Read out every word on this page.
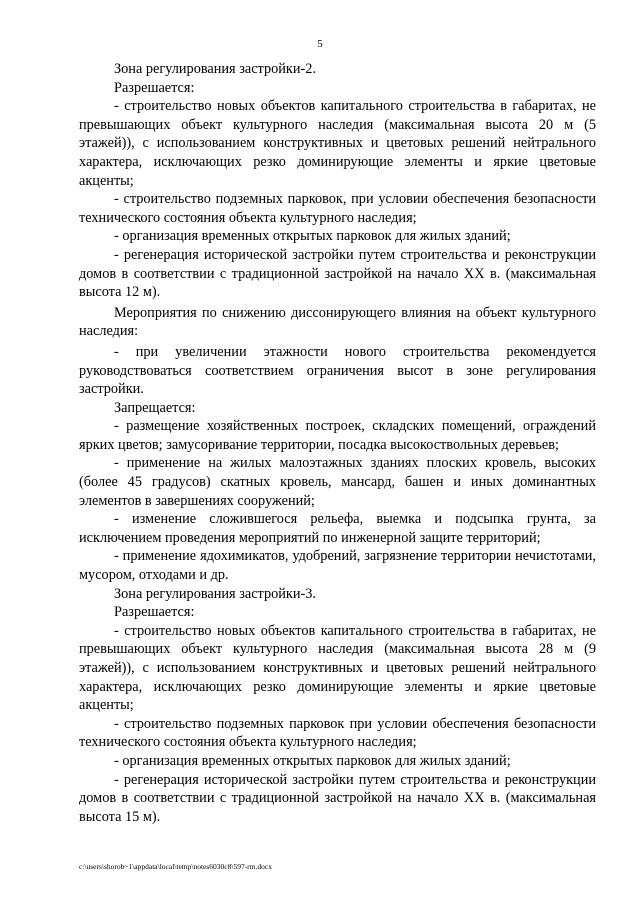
5

Зона регулирования застройки-2.

Разрешается:

- строительство новых объектов капитального строительства в габаритах, не превышающих объект культурного наследия (максимальная высота 20 м (5 этажей)), с использованием конструктивных и цветовых решений нейтрального характера, исключающих резко доминирующие элементы и яркие цветовые акценты;

- строительство подземных парковок, при условии обеспечения безопасности технического состояния объекта культурного наследия;

- организация временных открытых парковок для жилых зданий;

- регенерация исторической застройки путем строительства и реконструкции домов в соответствии с традиционной застройкой на начало XX в. (максимальная высота 12 м).

Мероприятия по снижению диссонирующего влияния на объект культурного наследия:

- при увеличении этажности нового строительства рекомендуется руководствоваться соответствием ограничения высот в зоне регулирования застройки.

Запрещается:

- размещение хозяйственных построек, складских помещений, ограждений ярких цветов; замусоривание территории, посадка высокоствольных деревьев;

- применение на жилых малоэтажных зданиях плоских кровель, высоких (более 45 градусов) скатных кровель, мансард, башен и иных доминантных элементов в завершениях сооружений;

- изменение сложившегося рельефа, выемка и подсыпка грунта, за исключением проведения мероприятий по инженерной защите территорий;

- применение ядохимикатов, удобрений, загрязнение территории нечистотами, мусором, отходами и др.

Зона регулирования застройки-3.

Разрешается:

- строительство новых объектов капитального строительства в габаритах, не превышающих объект культурного наследия (максимальная высота 28 м (9 этажей)), с использованием конструктивных и цветовых решений нейтрального характера, исключающих резко доминирующие элементы и яркие цветовые акценты;

- строительство подземных парковок при условии обеспечения безопасности технического состояния объекта культурного наследия;

- организация временных открытых парковок для жилых зданий;

- регенерация исторической застройки путем строительства и реконструкции домов в соответствии с традиционной застройкой на начало XX в. (максимальная высота 15 м).

c:\users\shorob~1\appdata\local\temp\notes6030c8\597-rm.docx
